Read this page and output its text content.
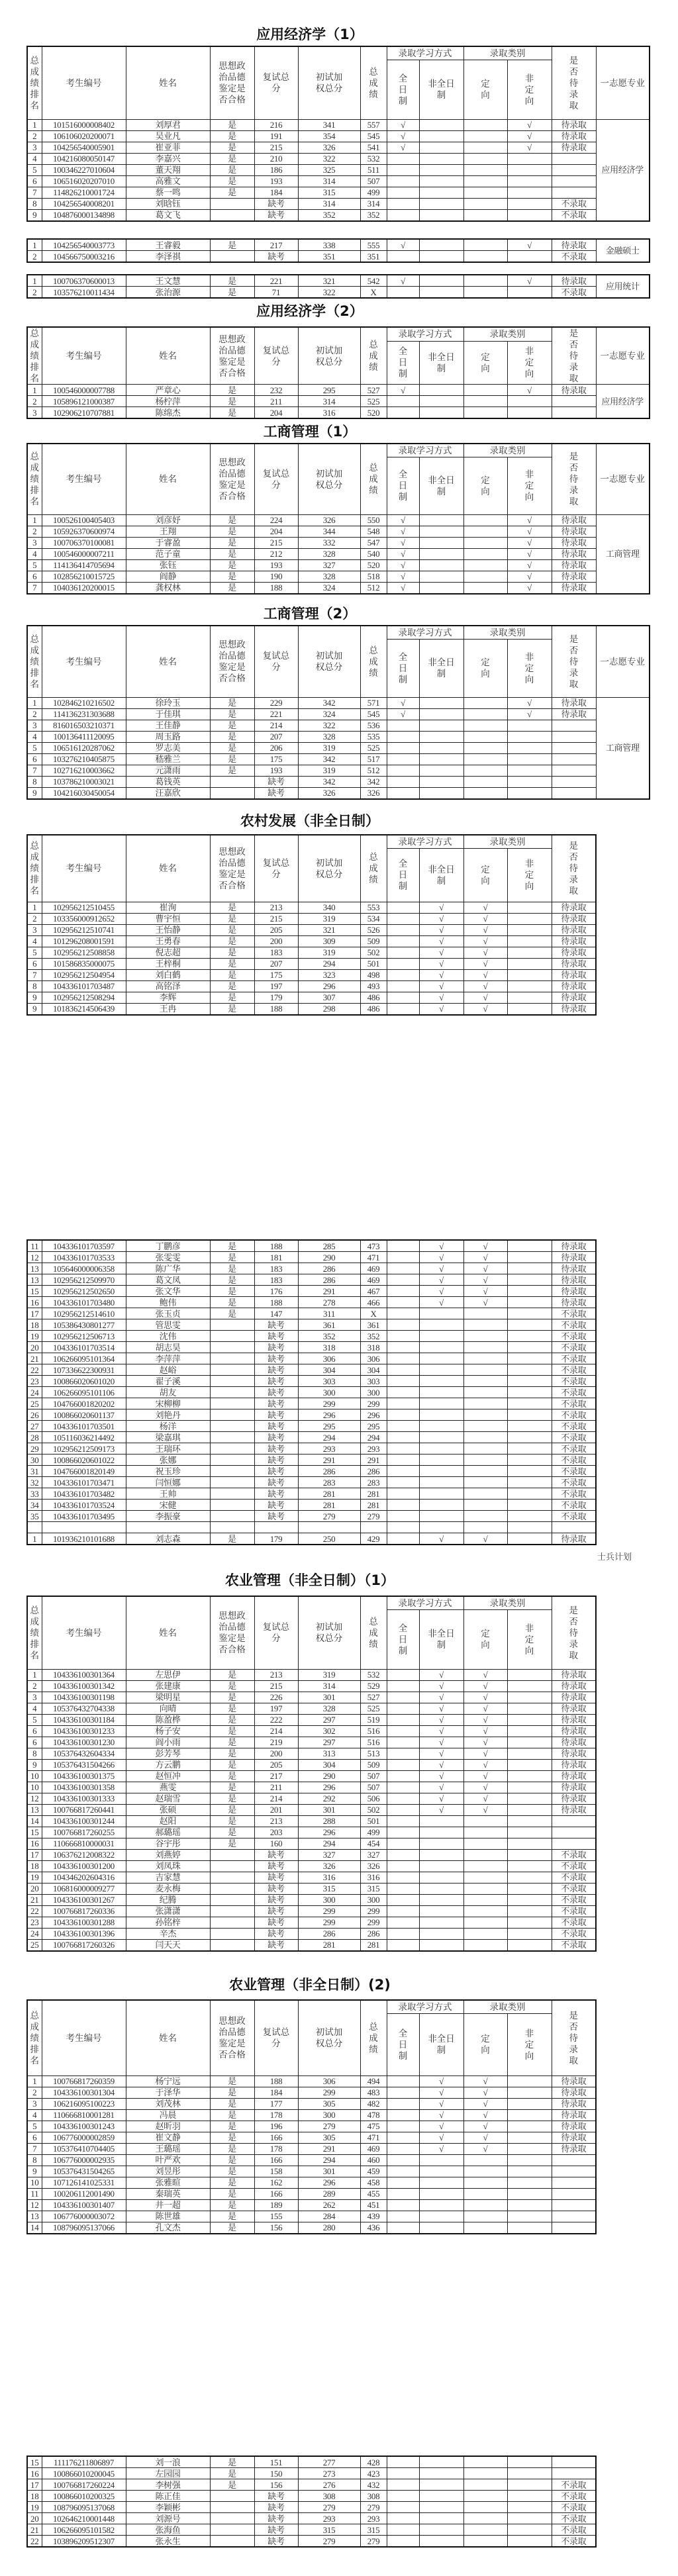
应用经济学（1）
应用经济学（2）
工商管理（1）
工商管理（2）
农村发展（非全日制）
农业管理（非全日制）（1）
农业管理（非全日制）(2)
总成绩排名	考生编号	姓名	思想政治品德鉴定是否合格	复试总分	初试加权总分	总成绩	录取学习方式		录取类别		是否待录取	一志愿专业
							全日制	非全日制	定向	非定向		
1	101516000008402	刘厚君	是	216	341	557	√			√	待录取	应用经济学
2	106106020200071	吴业凡	是	191	354	545	√			√	待录取	
3	104256540005901	崔亚菲	是	215	326	541	√			√	待录取	
4	104216080050147	李嘉兴	是	210	322	532						
5	100346227010604	董天翔	是	186	325	511						
6	106516020207010	高雅文	是	193	314	507						
7	114826210001724	蔡一鸣	是	184	315	499						
8	104256540008201	刘晗钰		缺考	314	314					不录取	
9	104876000134898	葛文飞		缺考	352	352					不录取	
1	104256540003773	王睿毅	是	217	338	555	√			√	待录取	金融硕士
2	104566750003216	李泽祺		缺考	351	351					不录取	
1	100706370600013	王文慧	是	221	321	542	√			√	待录取	应用统计
2	103576210011434	张治源	是	71	322	X					不录取	
总成绩排名	考生编号	姓名	思想政治品德鉴定是否合格	复试总分	初试加权总分	总成绩	录取学习方式		录取类别		是否待录取	一志愿专业
							全日制	非全日制	定向	非定向		
1	100546000007788	严章心	是	232	295	527	√			√	待录取	应用经济学
2	105896121000387	杨柠萍	是	211	314	525						
3	102906210707881	陈绵杰	是	204	316	520						
总成绩排名	考生编号	姓名	思想政治品德鉴定是否合格	复试总分	初试加权总分	总成绩	录取学习方式		录取类别		是否待录取	一志愿专业
							全日制	非全日制	定向	非定向		
1	100526100405403	刘彦妤	是	224	326	550	√			√	待录取	工商管理
2	105926370600974	王翔	是	204	344	548	√			√	待录取	
3	100706370100081	于睿盈	是	215	332	547	√			√	待录取	
4	100546000007211	范子童	是	212	328	540	√			√	待录取	
5	114136414705694	张钰	是	193	327	520	√			√	待录取	
6	102856210015725	阎静	是	190	328	518	√			√	待录取	
7	104036120200015	龚权林	是	188	324	512	√			√	待录取	
总成绩排名	考生编号	姓名	思想政治品德鉴定是否合格	复试总分	初试加权总分	总成绩	录取学习方式		录取类别		是否待录取	一志愿专业
							全日制	非全日制	定向	非定向		
1	102846210216502	徐玲玉	是	229	342	571	√			√	待录取	工商管理
2	114136231303688	于佳琪	是	221	324	545	√			√	待录取	
3	816016503210371	王佳静	是	214	322	536						
4	100136411120095	周玉路	是	207	328	535						
5	106516120287062	罗志美	是	206	319	525						
6	103276210405875	嵇雅兰	是	175	342	517						
7	102716210003662	元潇雨	是	193	319	512						
8	103786210003021	葛钱英		缺考	342	342						
9	104216030450054	汪嘉欣		缺考	326	326						
总成绩排名	考生编号	姓名	思想政治品德鉴定是否合格	复试总分	初试加权总分	总成绩	录取学习方式		录取类别		是否待录取
							全日制	非全日制	定向	非定向	
1	102956212510455	崔洵	是	213	340	553		√	√		待录取
2	103356000912652	曹宇恒	是	215	319	534		√	√		待录取
3	102956212510741	王怡静	是	205	321	526		√	√		待录取
4	101296208001591	王勇春	是	200	309	509		√	√		待录取
5	102956212508858	倪志超	是	183	319	502		√	√		待录取
6	101586835000075	王梓桐	是	207	294	501		√	√		待录取
7	102956212504954	刘白鹤	是	175	323	498		√	√		待录取
8	104336101703487	高铭泽	是	197	296	493		√	√		待录取
9	102956212508294	李辉	是	179	307	486		√	√		待录取
9	101836214506439	王冉	是	188	298	486		√	√		待录取
11	104336101703597	丁鹏彦	是	188	285	473		√	√		待录取
12	104336101703533	张雯雯	是	181	290	471		√	√		待录取
13	105646000006358	陈广华	是	183	286	469		√	√		待录取
13	102956212509970	葛文凤	是	183	286	469		√	√		待录取
15	102956212502650	张文华	是	176	291	467		√	√		待录取
16	104336101703480	鲍伟	是	188	278	466		√	√		待录取
17	102956212514610	张玉贞	是	147	311	X					不录取
18	105386430801277	管思雯		缺考	361	361					不录取
19	102956212506713	沈伟		缺考	352	352					不录取
20	104336101703514	胡志昊		缺考	318	318					不录取
21	106266095101364	李萍萍		缺考	306	306					不录取
22	107336622300931	赵峪		缺考	304	304					不录取
23	100866020601020	翟子溪		缺考	303	303					不录取
24	106266095101106	胡友		缺考	300	300					不录取
25	104766001820202	宋柳柳		缺考	299	299					不录取
26	100866020601137	刘艳丹		缺考	296	296					不录取
27	104336101703501	杨洋		缺考	295	295					不录取
28	105116036214492	梁嘉琪		缺考	294	294					不录取
29	102956212509173	王瑞环		缺考	293	293					不录取
30	100866020601022	张娜		缺考	291	291					不录取
31	104766001820149	祝玉珍		缺考	286	286					不录取
32	104336101703471	闫恒娜		缺考	283	283					不录取
33	104336101703482	王帅		缺考	281	281					不录取
34	104336101703524	宋健		缺考	281	281					不录取
35	104336101703495	李振豪		缺考	279	279					不录取

1	101936210101688	刘志森	是	179	250	429		√	√		待录取
士兵计划
总成绩排名	考生编号	姓名	思想政治品德鉴定是否合格	复试总分	初试加权总分	总成绩	录取学习方式		录取类别		是否待录取
							全日制	非全日制	定向	非定向	
1	104336100301364	左思伊	是	213	319	532		√	√		待录取
2	104336100301342	张建康	是	215	314	529		√	√		待录取
3	104336100301198	梁明星	是	226	301	527		√	√		待录取
4	105376432704338	向晴	是	197	328	525		√	√		待录取
5	104336100301184	陈盈桦	是	222	297	519		√	√		待录取
6	104336100301233	杨子安	是	214	302	516		√	√		待录取
6	104336100301230	阎小雨	是	219	297	516		√	√		待录取
8	105376432604334	彭芳琴	是	200	313	513		√	√		待录取
9	105376431504266	方云鹏	是	205	304	509		√	√		待录取
10	104336100301375	赵恒冲	是	217	290	507		√	√		待录取
10	104336100301358	燕雯	是	211	296	507		√	√		待录取
12	104336100301333	赵瑞雪	是	214	292	506		√	√		待录取
13	100766817260441	张硕	是	201	301	502		√	√		待录取
14	104336100301244	赵阳	是	213	288	501					
15	100766817260255	郝璐瑶	是	203	296	499					
16	110666810000031	谷宇彤	是	160	294	454					
17	106376212008322	刘燕婷		缺考	327	327					不录取
18	104336100301200	刘凤珠		缺考	326	326					不录取
19	104346202604316	吉家慧		缺考	316	316					不录取
20	106816000009277	麦永梅		缺考	315	315					不录取
21	104336100301267	纪腾		缺考	300	300					不录取
22	100766817260336	张潇潇		缺考	299	299					不录取
23	104336100301288	孙铭梓		缺考	299	299					不录取
24	104336100301396	辛杰		缺考	286	286					不录取
25	100766817260326	闫天天		缺考	281	281					不录取
总成绩排名	考生编号	姓名	思想政治品德鉴定是否合格	复试总分	初试加权总分	总成绩	录取学习方式		录取类别		是否待录取
							全日制	非全日制	定向	非定向	
1	100766817260359	杨宁远	是	188	306	494		√	√		待录取
2	104336100301304	于泽华	是	184	299	483		√	√		待录取
3	106216095100223	刘茂林	是	177	305	482		√	√		待录取
4	110666810001281	冯晨	是	178	300	478		√	√		待录取
5	104336100301243	赵昕羽	是	196	279	475		√	√		待录取
6	106776000002859	崔文静	是	166	305	471		√	√		待录取
7	105376410704405	王璐瑶	是	178	291	469		√	√		待录取
8	106776000002935	叶严欢	是	166	294	460					
9	105376431504265	刘昱彤	是	158	301	459					
10	107126141025331	张雅暄	是	162	296	458					
11	100206112001490	秦瑞英	是	166	289	455					
12	104336100301407	井一超	是	189	262	451					
13	106776000003072	陈世雄	是	155	284	439					
14	108796095137066	孔文杰	是	156	280	436					
15	111176211806897	刘一浪	是	151	277	428					
16	100866010200045	左园园	是	150	273	423					
17	100766817260224	李树强	是	156	276	432					不录取
18	100866010200325	陈正佳		缺考	308	308					不录取
19	108796095137068	李颖彬		缺考	279	279					不录取
20	102646210001448	刘源号		缺考	293	293					不录取
21	106266095101582	张海鱼		缺考	315	315					不录取
22	103896209512307	张永生		缺考	279	279					不录取
